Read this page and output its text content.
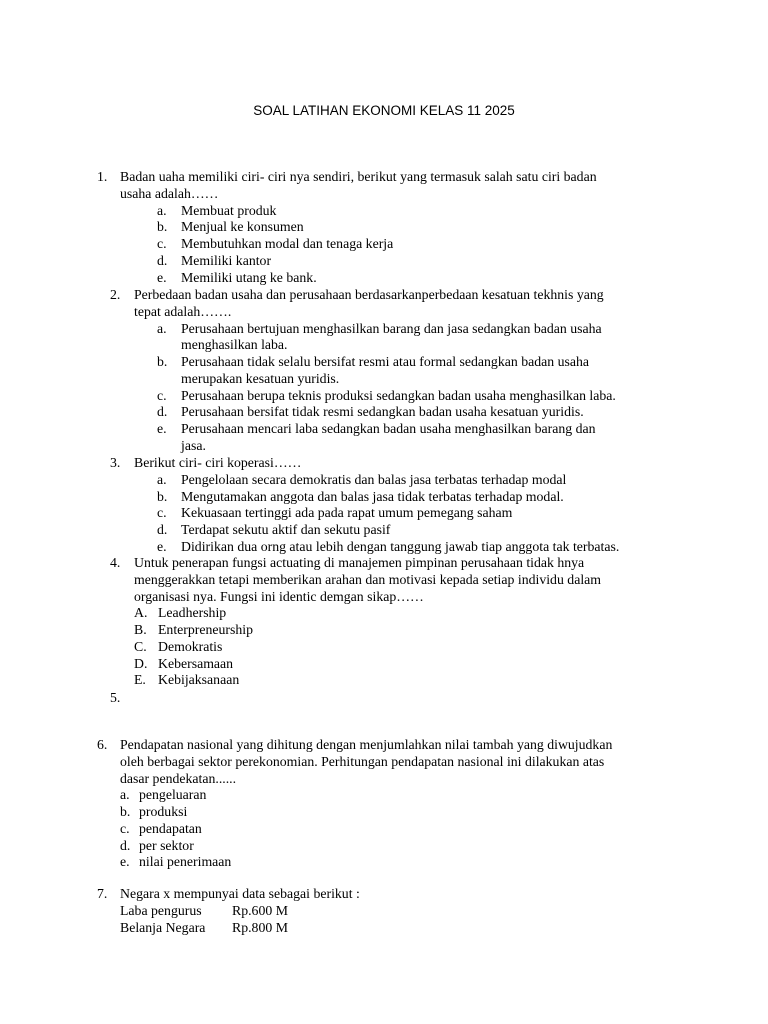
SOAL LATIHAN EKONOMI KELAS 11 2025
1. Badan uaha memiliki ciri- ciri nya sendiri, berikut yang termasuk salah satu ciri badan
usaha adalah……
a. Membuat produk
b. Menjual ke konsumen
c. Membutuhkan modal dan tenaga kerja
d. Memiliki kantor
e. Memiliki utang ke bank.
2. Perbedaan badan usaha dan perusahaan berdasarkanperbedaan kesatuan tekhnis yang
tepat adalah…….
a. Perusahaan bertujuan menghasilkan barang dan jasa sedangkan badan usaha
menghasilkan laba.
b. Perusahaan tidak selalu bersifat resmi atau formal sedangkan badan usaha
merupakan kesatuan yuridis.
c. Perusahaan berupa teknis produksi sedangkan badan usaha menghasilkan laba.
d. Perusahaan bersifat tidak resmi sedangkan badan usaha kesatuan yuridis.
e. Perusahaan mencari laba sedangkan badan usaha menghasilkan barang dan
jasa.
3. Berikut ciri- ciri koperasi……
a. Pengelolaan secara demokratis dan balas jasa terbatas terhadap modal
b. Mengutamakan anggota dan balas jasa tidak terbatas terhadap modal.
c. Kekuasaan tertinggi ada pada rapat umum pemegang saham
d. Terdapat sekutu aktif dan sekutu pasif
e. Didirikan dua orng atau lebih dengan tanggung jawab tiap anggota tak terbatas.
4. Untuk penerapan fungsi actuating di manajemen pimpinan perusahaan tidak hnya
menggerakkan tetapi memberikan arahan dan motivasi kepada setiap individu dalam
organisasi nya. Fungsi ini identic demgan sikap……
A. Leadhership
B. Enterpreneurship
C. Demokratis
D. Kebersamaan
E. Kebijaksanaan
5.
6. Pendapatan nasional yang dihitung dengan menjumlahkan nilai tambah yang diwujudkan
oleh berbagai sektor perekonomian. Perhitungan pendapatan nasional ini dilakukan atas
dasar pendekatan......
a. pengeluaran
b. produksi
c. pendapatan
d. per sektor
e. nilai penerimaan
7. Negara x mempunyai data sebagai berikut :
Laba pengurus Rp.600 M
Belanja Negara Rp.800 M
